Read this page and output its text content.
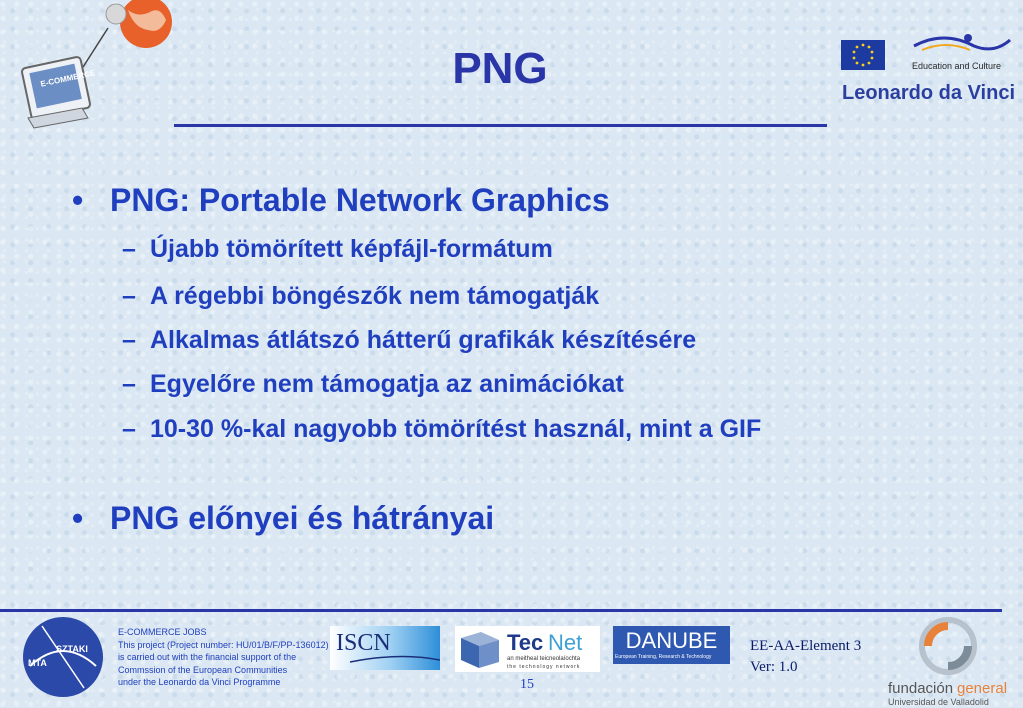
E-COMMERCE
Education and Culture
Leonardo da Vinci
PNG
• PNG: Portable Network Graphics
– Újabb tömörített képfájl-formátum
– A régebbi böngészők nem támogatják
– Alkalmas átlátszó hátterű grafikák készítésére
– Egyelőre nem támogatja az animációkat
– 10-30 %-kal nagyobb tömörítést használ, mint a GIF
• PNG előnyei és hátrányai
MTA
SZTAKI
E-COMMERCE JOBS
This project (Project number: HU/01/B/F/PP-136012)
is carried out with the financial support of the
Commssion of the European Communities
under the Leonardo da Vinci Programme
ISCN	Tec Net
an meitheal teicneolaíochta
the technology network
DANUBE
European Training, Research & Technology
15
EE-AA-Element 3
Ver: 1.0
fundación general
Universidad de Valladolid
